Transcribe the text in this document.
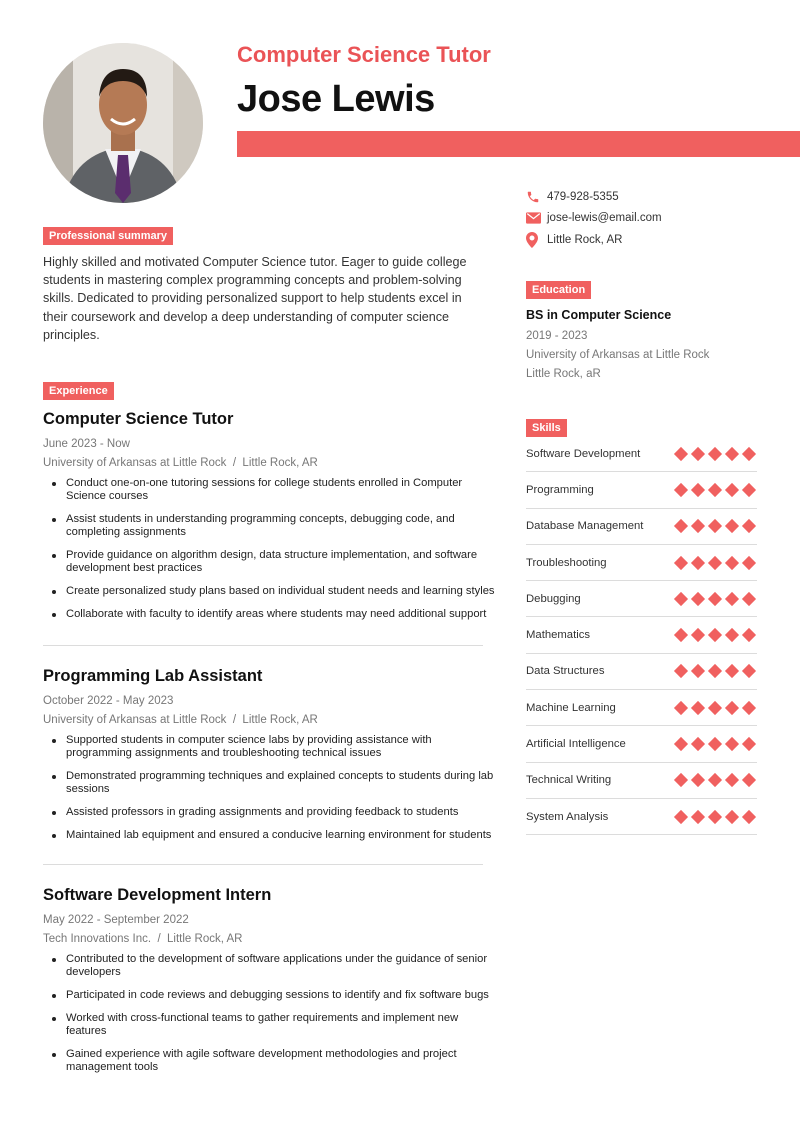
Computer Science Tutor
Jose Lewis
479-928-5355
jose-lewis@email.com
Little Rock, AR
Professional summary
Experience
Education
Skills
Highly skilled and motivated Computer Science tutor. Eager to guide college students in mastering complex programming concepts and problem-solving skills. Dedicated to providing personalized support to help students excel in their coursework and develop a deep understanding of computer science principles.
BS in Computer Science
2019 - 2023
University of Arkansas at Little Rock
Little Rock, aR
Software Development
Programming
Database Management
Troubleshooting
Debugging
Mathematics
Data Structures
Machine Learning
Artificial Intelligence
Technical Writing
System Analysis
Computer Science Tutor
June 2023 - Now
University of Arkansas at Little Rock / Little Rock, AR
Conduct one-on-one tutoring sessions for college students enrolled in Computer Science courses
Assist students in understanding programming concepts, debugging code, and completing assignments
Provide guidance on algorithm design, data structure implementation, and software development best practices
Create personalized study plans based on individual student needs and learning styles
Collaborate with faculty to identify areas where students may need additional support
Programming Lab Assistant
October 2022 - May 2023
University of Arkansas at Little Rock / Little Rock, AR
Supported students in computer science labs by providing assistance with programming assignments and troubleshooting technical issues
Demonstrated programming techniques and explained concepts to students during lab sessions
Assisted professors in grading assignments and providing feedback to students
Maintained lab equipment and ensured a conducive learning environment for students
Software Development Intern
May 2022 - September 2022
Tech Innovations Inc. / Little Rock, AR
Contributed to the development of software applications under the guidance of senior developers
Participated in code reviews and debugging sessions to identify and fix software bugs
Worked with cross-functional teams to gather requirements and implement new features
Gained experience with agile software development methodologies and project management tools
